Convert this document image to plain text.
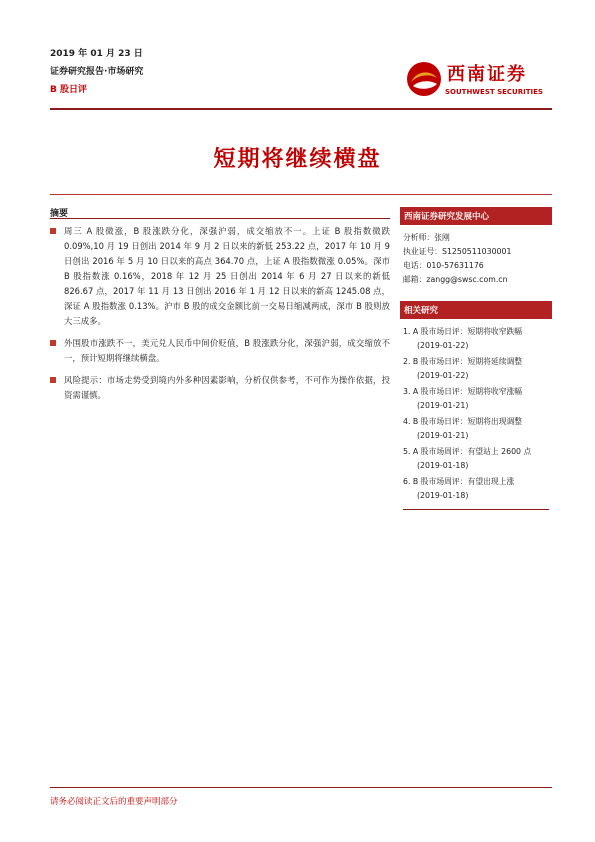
2019 年 01 月 23 日
证券研究报告·市场研究
B 股日评
西南证券
SOUTHWEST SECURITIES
短期将继续横盘
摘要
周三 A 股微涨，B 股涨跌分化，深强沪弱，成交缩放不一。上证 B 股指数微跌 0.09%,10 月 19 日创出 2014 年 9 月 2 日以来的新低 253.22 点，2017 年 10 月 9 日创出 2016 年 5 月 10 日以来的高点 364.70 点，上证 A 股指数微涨 0.05%。深市 B 股指数涨 0.16%，2018 年 12 月 25 日创出 2014 年 6 月 27 日以来的新低 826.67 点，2017 年 11 月 13 日创出 2016 年 1 月 12 日以来的新高 1245.08 点，深证 A 股指数涨 0.13%。沪市 B 股的成交金额比前一交易日缩减两成，深市 B 股则放大三成多。
外围股市涨跌不一，美元兑人民币中间价贬值，B 股涨跌分化，深强沪弱，成交缩放不一，预计短期将继续横盘。
风险提示：市场走势受到境内外多种因素影响，分析仅供参考，不可作为操作依据，投资需谨慎。
西南证券研究发展中心
分析师：张刚
执业证号：S1250511030001
电话：010-57631176
邮箱：zangg@swsc.com.cn
相关研究
1. A 股市场日评：短期将收窄跌幅
(2019-01-22)
2. B 股市场日评：短期将延续调整
(2019-01-22)
3. A 股市场日评：短期将收窄涨幅
(2019-01-21)
4. B 股市场日评：短期将出现调整
(2019-01-21)
5. A 股市场周评：有望站上 2600 点
(2019-01-18)
6. B 股市场周评：有望出现上涨
(2019-01-18)
请务必阅读正文后的重要声明部分
